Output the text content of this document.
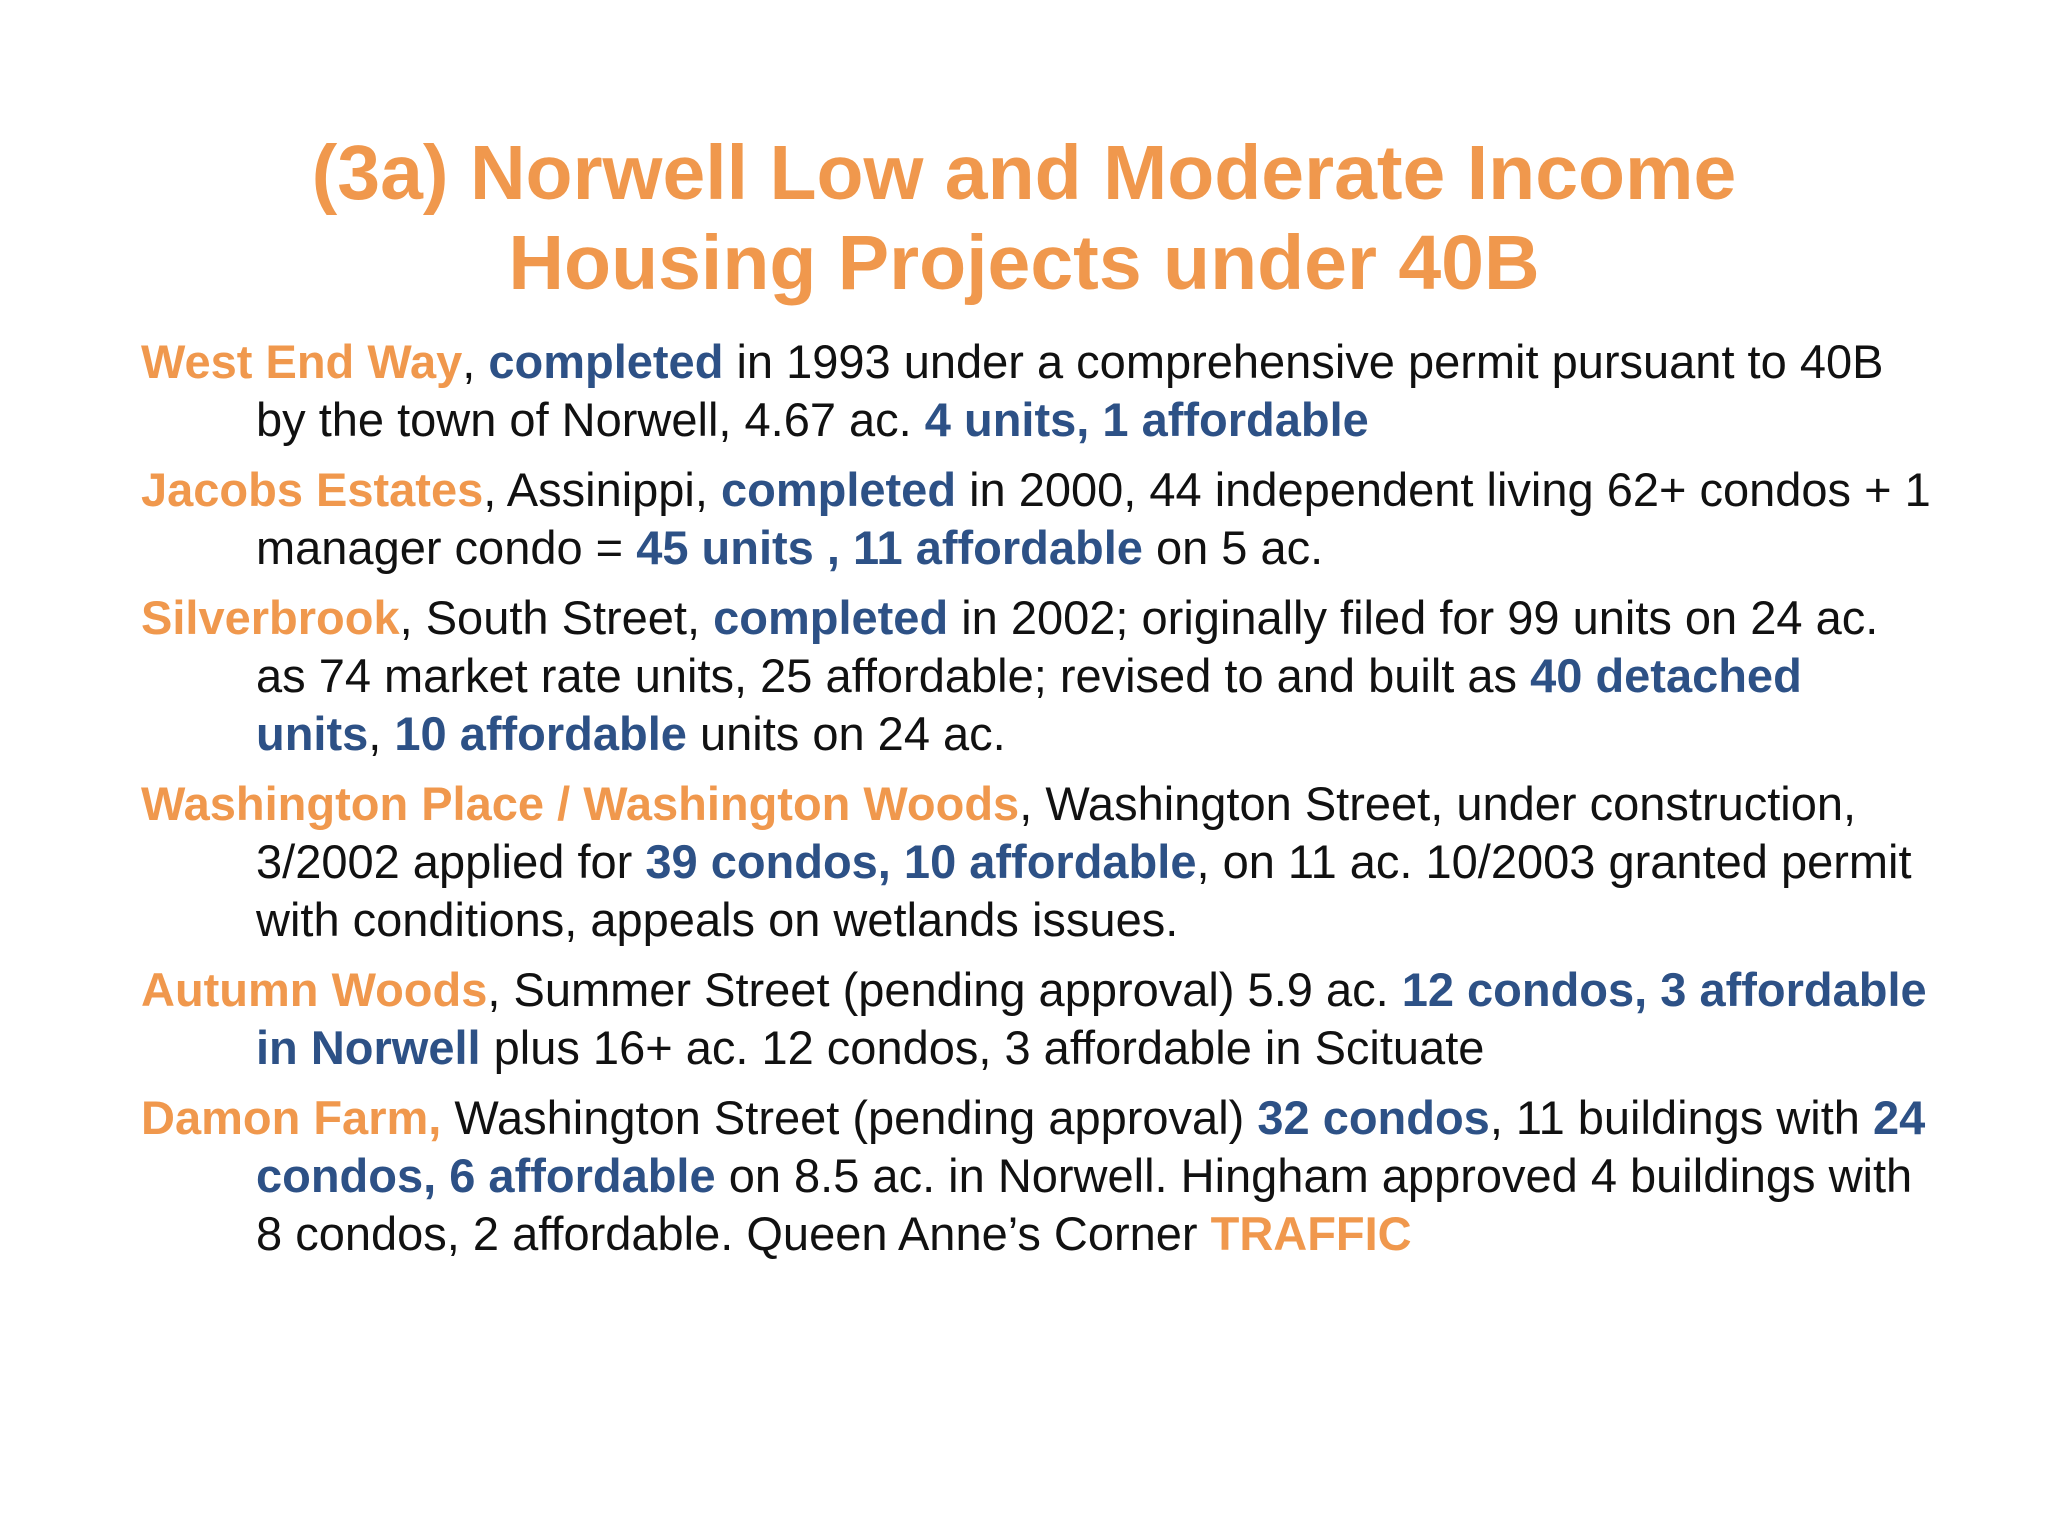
(3a) Norwell Low and Moderate Income
Housing Projects under 40B

West End Way, completed in 1993 under a comprehensive permit pursuant to 40B by the town of Norwell, 4.67 ac. 4 units, 1 affordable

Jacobs Estates, Assinippi, completed in 2000, 44 independent living 62+ condos + 1 manager condo = 45 units , 11 affordable on 5 ac.

Silverbrook, South Street, completed in 2002; originally filed for 99 units on 24 ac. as 74 market rate units, 25 affordable; revised to and built as 40 detached units, 10 affordable units on 24 ac.

Washington Place / Washington Woods, Washington Street, under construction, 3/2002 applied for 39 condos, 10 affordable, on 11 ac. 10/2003 granted permit with conditions, appeals on wetlands issues.

Autumn Woods, Summer Street (pending approval) 5.9 ac. 12 condos, 3 affordable in Norwell plus 16+ ac. 12 condos, 3 affordable in Scituate

Damon Farm, Washington Street (pending approval) 32 condos, 11 buildings with 24 condos, 6 affordable on 8.5 ac. in Norwell. Hingham approved 4 buildings with 8 condos, 2 affordable. Queen Anne’s Corner TRAFFIC
